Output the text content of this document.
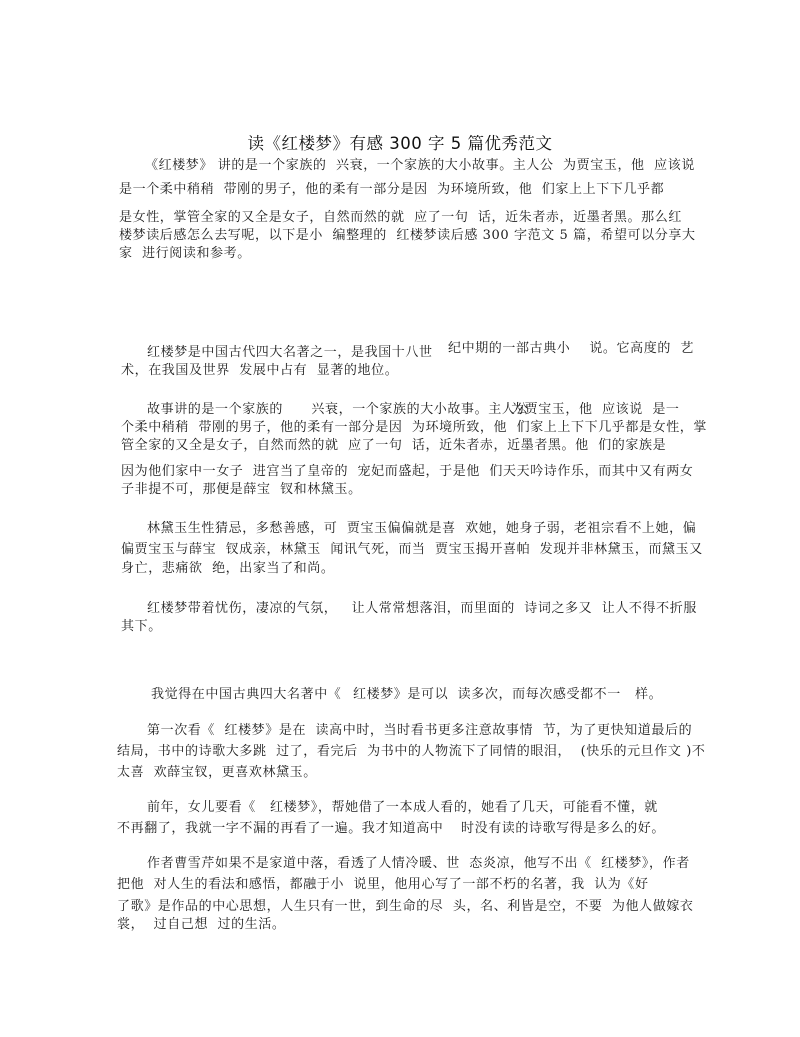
读《红楼梦》有感 300 字 5 篇优秀范文
《红楼梦》 讲的是一个家族的  兴衰，一个家族的大小故事。主人公  为贾宝玉，他  应该说
是一个柔中稍稍  带刚的男子，他的柔有一部分是因  为环境所致，他  们家上上下下几乎都
是女性，掌管全家的又全是女子，自然而然的就  应了一句  话，近朱者赤，近墨者黑。那么红
楼梦读后感怎么去写呢，以下是小  编整理的  红楼梦读后感 300 字范文 5 篇，希望可以分享大
家  进行阅读和参考。
红楼梦是中国古代四大名著之一，是我国十八世 纪中期的一部古典小    说。它高度的  艺
术，在我国及世界  发展中占有  显著的地位。
故事讲的是一个家族的      兴衰，一个家族的大小故事。主人公
为贾宝玉，他  应该说  是一
个柔中稍稍  带刚的男子，他的柔有一部分是因  为环境所致，他  们家上上下下几乎都是女性，掌
管全家的又全是女子，自然而然的就  应了一句  话，近朱者赤，近墨者黑。他  们的家族是
因为他们家中一女子  进宫当了皇帝的  宠妃而盛起，于是他  们天天吟诗作乐，而其中又有两女
子非提不可，那便是薛宝  钗和林黛玉。
林黛玉生性猜忌，多愁善感，可  贾宝玉偏偏就是喜  欢她，她身子弱，老祖宗看不上她，偏
偏贾宝玉与薛宝  钗成亲，林黛玉  闻讯气死，而当  贾宝玉揭开喜帕  发现并非林黛玉，而黛玉又
身亡，悲痛欲  绝，出家当了和尚。
红楼梦带着忧伤，凄凉的气氛，   让人常常想落泪，而里面的  诗词之多又  让人不得不折服
其下。
我觉得在中国古典四大名著中《 红楼梦》是可以  读多次，而每次感受都不一   样。
第一次看《  红楼梦》是在  读高中时，当时看书更多注意故事情  节，为了更快知道最后的
结局，书中的诗歌大多跳  过了，看完后  为书中的人物流下了同情的眼泪，  (快乐的元旦作文 )不
太喜  欢薛宝钗，更喜欢林黛玉。
前年，女儿要看《   红楼梦》，帮她借了一本成人看的，她看了几天，可能看不懂，就
不再翻了，我就一字不漏的再看了一遍。我才知道高中 时没有读的诗歌写得是多么的好。
作者曹雪芹如果不是家道中落，看透了人情冷暖、世  态炎凉，他写不出《  红楼梦》，作者
把他  对人生的看法和感悟，都融于小  说里，他用心写了一部不朽的名著，我  认为《好
了歌》是作品的中心思想，人生只有一世，到生命的尽  头，名、利皆是空，不要  为他人做嫁衣
裳，  过自己想  过的生活。
